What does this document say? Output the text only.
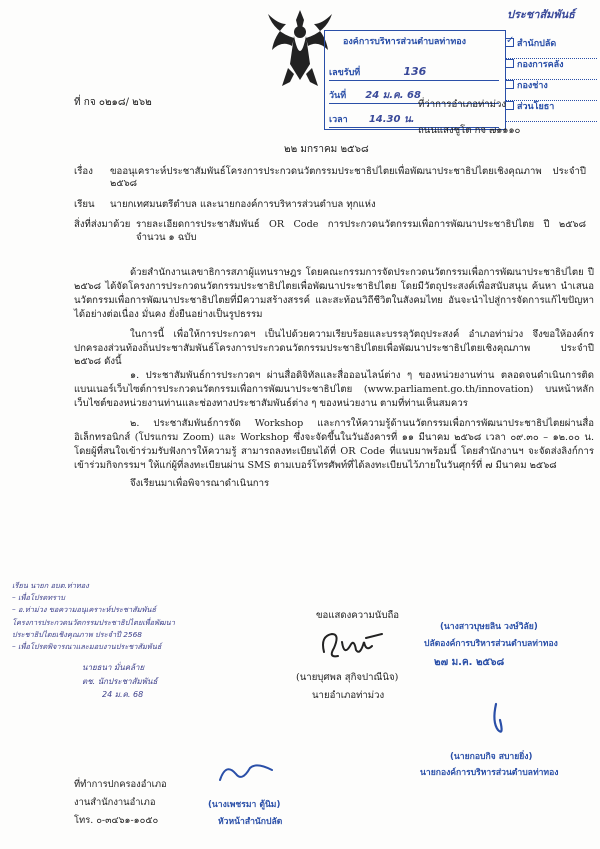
องค์การบริหารส่วนตำบลท่าทอง
เลขรับที่	136
วันที่ 24 ม.ค. 68
เวลา 14.30 น.
ประชาสัมพันธ์
✓สำนักปลัด
กองการคลัง
กองช่าง
ส่วนโยธา
ที่ กจ ๐๒๑๘/ ๒๖๒	ที่ว่าการอำเภอท่าม่วง
ถนนแสงชูโต กจ ๗๑๑๑๐
๒๒ มกราคม ๒๕๖๘
เรื่อง	ขออนุเคราะห์ประชาสัมพันธ์โครงการประกวดนวัตกรรมประชาธิปไตยเพื่อพัฒนาประชาธิปไตยเชิงคุณภาพ ประจำปี ๒๕๖๘

เรียน	นายกเทศมนตรีตำบล และนายกองค์การบริหารส่วนตำบล ทุกแห่ง

สิ่งที่ส่งมาด้วย รายละเอียดการประชาสัมพันธ์ OR Code การประกวดนวัตกรรมเพื่อการพัฒนาประชาธิปไตย ปี ๒๕๖๘ จำนวน ๑ ฉบับ

ด้วยสำนักงานเลขาธิการสภาผู้แทนราษฎร โดยคณะกรรมการจัดประกวดนวัตกรรมเพื่อการพัฒนาประชาธิปไตย ปี ๒๕๖๘ ได้จัดโครงการประกวดนวัตกรรมประชาธิปไตยเพื่อพัฒนาประชาธิปไตย โดยมีวัตถุประสงค์เพื่อสนับสนุน ค้นหา นำเสนอนวัตกรรมเพื่อการพัฒนาประชาธิปไตยที่มีความสร้างสรรค์ และสะท้อนวิถีชีวิตในสังคมไทย อันจะนำไปสู่การจัดการแก้ไขปัญหาได้อย่างต่อเนื่อง มั่นคง ยั่งยืนอย่างเป็นรูปธรรม

ในการนี้ เพื่อให้การประกวดฯ เป็นไปด้วยความเรียบร้อยและบรรลุวัตถุประสงค์ อำเภอท่าม่วง จึงขอให้องค์กรปกครองส่วนท้องถิ่นประชาสัมพันธ์โครงการประกวดนวัตกรรมประชาธิปไตยเพื่อพัฒนาประชาธิปไตยเชิงคุณภาพ ประจำปี ๒๕๖๘ ดังนี้

๑. ประชาสัมพันธ์การประกวดฯ ผ่านสื่อดิจิทัลและสื่อออนไลน์ต่าง ๆ ของหน่วยงานท่าน ตลอดจนดำเนินการติดแบนเนอร์เว็บไซต์การประกวดนวัตกรรมเพื่อการพัฒนาประชาธิปไตย (www.parliament.go.th/innovation) บนหน้าหลักเว็บไซต์ของหน่วยงานท่านและช่องทางประชาสัมพันธ์ต่าง ๆ ของหน่วยงาน ตามที่ท่านเห็นสมควร

๒. ประชาสัมพันธ์การจัด Workshop และการให้ความรู้ด้านนวัตกรรมเพื่อการพัฒนาประชาธิปไตยผ่านสื่ออิเล็กทรอนิกส์ (โปรแกรม Zoom) และ Workshop ซึ่งจะจัดขึ้นในวันอังคารที่ ๑๑ มีนาคม ๒๕๖๘ เวลา ๐๙.๓๐ – ๑๒.๐๐ น. โดยผู้ที่สนใจเข้าร่วมรับฟังการให้ความรู้ สามารถลงทะเบียนได้ที่ OR Code ที่แนบมาพร้อมนี้ โดยสำนักงานฯ จะจัดส่งลิงก์การเข้าร่วมกิจกรรมฯ ให้แก่ผู้ที่ลงทะเบียนผ่าน SMS ตามเบอร์โทรศัพท์ที่ได้ลงทะเบียนไว้ภายในวันศุกร์ที่ ๗ มีนาคม ๒๕๖๘

จึงเรียนมาเพื่อพิจารณาดำเนินการ

เรียน นายก อบต.ท่าทอง
– เพื่อโปรดทราบ
– อ.ท่าม่วง ขอความอนุเคราะห์ประชาสัมพันธ์
โครงการประกวดนวัตกรรมประชาธิปไตยเพื่อพัฒนา
ประชาธิปไตยเชิงคุณภาพ ประจำปี 2568
– เพื่อโปรดพิจารณาและมอบงานประชาสัมพันธ์
นายธนา มั่นคล้าย
ตช. นักประชาสัมพันธ์
24 ม.ค. 68
ขอแสดงความนับถือ
(นายบุศพล สุกิจปาณีนิจ)
นายอำเภอท่าม่วง
(นางสาวบุษยลิน วงษ์วิลัย)
ปลัดองค์การบริหารส่วนตำบลท่าทอง
๒๗ ม.ค. ๒๕๖๘
(นายกอบกิจ สบายยิ่ง)
นายกองค์การบริหารส่วนตำบลท่าทอง
(นางเพชรมา ตู้นิม)
หัวหน้าสำนักปลัด
ที่ทำการปกครองอำเภอ
งานสำนักงานอำเภอ
โทร. ๐-๓๔๖๑-๑๐๕๐
